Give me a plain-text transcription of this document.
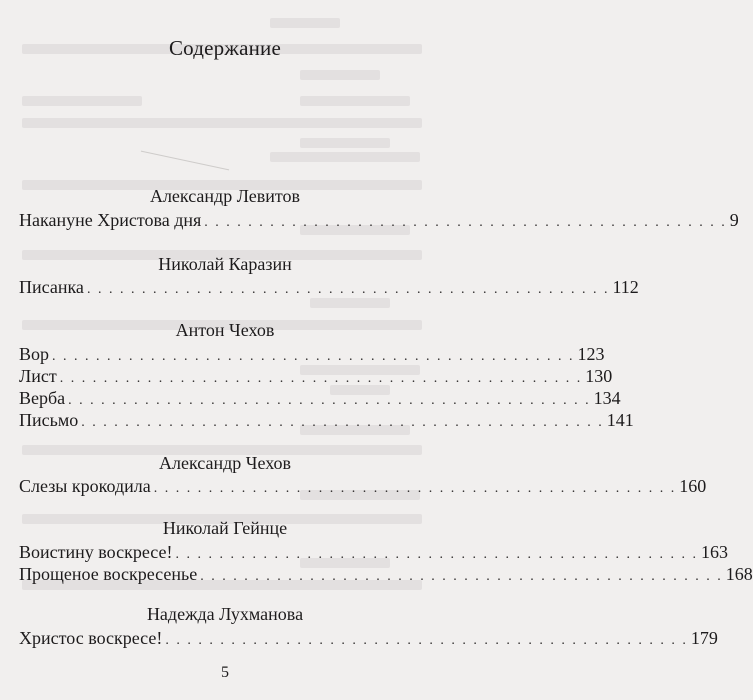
Содержание
Александр Левитов
Накануне Христова дня . . . . . . . . . . . . . . . . . . . . . . . . . . . . . . . . . . . . . . . . . . . . . . . . 9
Николай Каразин
Писанка . . . . . . . . . . . . . . . . . . . . . . . . . . . . . . . . . . . . . . . . . . . . . . . . 112
Антон Чехов
Вор . . . . . . . . . . . . . . . . . . . . . . . . . . . . . . . . . . . . . . . . . . . . . . . . 123
Лист . . . . . . . . . . . . . . . . . . . . . . . . . . . . . . . . . . . . . . . . . . . . . . . . 130
Верба . . . . . . . . . . . . . . . . . . . . . . . . . . . . . . . . . . . . . . . . . . . . . . . . 134
Письмо . . . . . . . . . . . . . . . . . . . . . . . . . . . . . . . . . . . . . . . . . . . . . . . . 141
Александр Чехов
Слезы крокодила . . . . . . . . . . . . . . . . . . . . . . . . . . . . . . . . . . . . . . . . . . . . . . . . 160
Николай Гейнце
Воистину воскресе! . . . . . . . . . . . . . . . . . . . . . . . . . . . . . . . . . . . . . . . . . . . . . . . . 163
Прощеное воскресенье . . . . . . . . . . . . . . . . . . . . . . . . . . . . . . . . . . . . . . . . . . . . . . . . 168
Надежда Лухманова
Христос воскресе! . . . . . . . . . . . . . . . . . . . . . . . . . . . . . . . . . . . . . . . . . . . . . . . . 179
5
